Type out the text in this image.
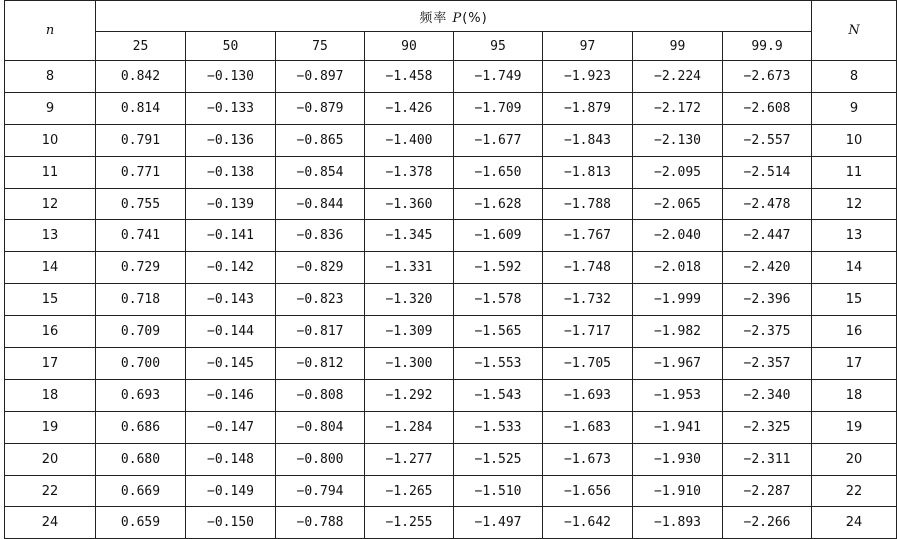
n	频率 P(%)								N
	25	50	75	90	95	97	99	99.9	
8	0.842	−0.130	−0.897	−1.458	−1.749	−1.923	−2.224	−2.673	8
9	0.814	−0.133	−0.879	−1.426	−1.709	−1.879	−2.172	−2.608	9
10	0.791	−0.136	−0.865	−1.400	−1.677	−1.843	−2.130	−2.557	10
11	0.771	−0.138	−0.854	−1.378	−1.650	−1.813	−2.095	−2.514	11
12	0.755	−0.139	−0.844	−1.360	−1.628	−1.788	−2.065	−2.478	12
13	0.741	−0.141	−0.836	−1.345	−1.609	−1.767	−2.040	−2.447	13
14	0.729	−0.142	−0.829	−1.331	−1.592	−1.748	−2.018	−2.420	14
15	0.718	−0.143	−0.823	−1.320	−1.578	−1.732	−1.999	−2.396	15
16	0.709	−0.144	−0.817	−1.309	−1.565	−1.717	−1.982	−2.375	16
17	0.700	−0.145	−0.812	−1.300	−1.553	−1.705	−1.967	−2.357	17
18	0.693	−0.146	−0.808	−1.292	−1.543	−1.693	−1.953	−2.340	18
19	0.686	−0.147	−0.804	−1.284	−1.533	−1.683	−1.941	−2.325	19
20	0.680	−0.148	−0.800	−1.277	−1.525	−1.673	−1.930	−2.311	20
22	0.669	−0.149	−0.794	−1.265	−1.510	−1.656	−1.910	−2.287	22
24	0.659	−0.150	−0.788	−1.255	−1.497	−1.642	−1.893	−2.266	24
